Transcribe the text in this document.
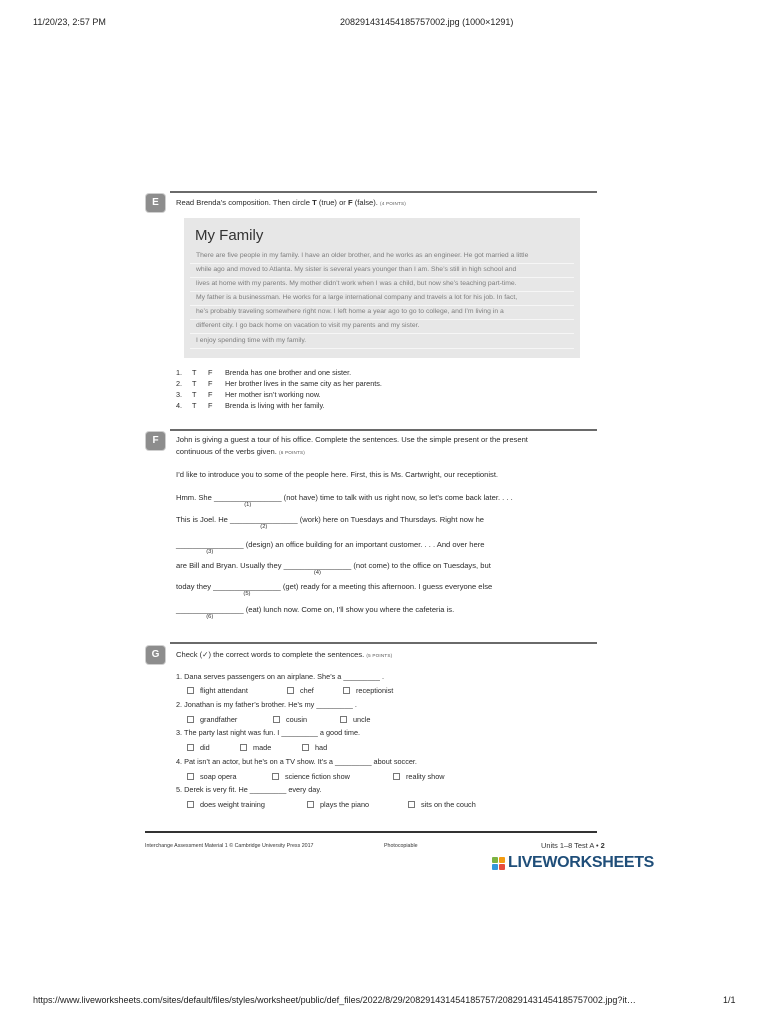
11/20/23, 2:57 PM	208291431454185757002.jpg (1000×1291)
E	Read Brenda’s composition. Then circle T (true) or F (false). (4 POINTS)
My Family
There are five people in my family. I have an older brother, and he works as an engineer. He got married a little
while ago and moved to Atlanta. My sister is several years younger than I am. She’s still in high school and
lives at home with my parents. My mother didn’t work when I was a child, but now she’s teaching part-time.
My father is a businessman. He works for a large international company and travels a lot for his job. In fact,
he’s probably traveling somewhere right now. I left home a year ago to go to college, and I’m living in a
different city. I go back home on vacation to visit my parents and my sister.
I enjoy spending time with my family.
1. T F Brenda has one brother and one sister.
2. T F Her brother lives in the same city as her parents.
3. T F Her mother isn’t working now.
4. T F Brenda is living with her family.
F	John is giving a guest a tour of his office. Complete the sentences. Use the simple present or the present
continuous of the verbs given. (6 POINTS)
I’d like to introduce you to some of the people here. First, this is Ms. Cartwright, our receptionist.
Hmm. She ________________
(1)
(not have) time to talk with us right now, so let’s come back later. . . .
This is Joel. He ________________
(2)
(work) here on Tuesdays and Thursdays. Right now he
________________
(3)
(design) an office building for an important customer. . . . And over here
are Bill and Bryan. Usually they ________________
(4)
(not come) to the office on Tuesdays, but
today they ________________
(5)
(get) ready for a meeting this afternoon. I guess everyone else
________________
(6)
(eat) lunch now. Come on, I’ll show you where the cafeteria is.
G	Check (✓) the correct words to complete the sentences. (5 POINTS)
1. Dana serves passengers on an airplane. She’s a _________ .
flight attendant	chef	receptionist
2. Jonathan is my father’s brother. He’s my _________ .
grandfather	cousin	uncle
3. The party last night was fun. I _________ a good time.
did	made	had
4. Pat isn’t an actor, but he’s on a TV show. It’s a _________ about soccer.
soap opera	science fiction show	reality show
5. Derek is very fit. He _________ every day.
does weight training	plays the piano	sits on the couch
Interchange Assessment Material 1 © Cambridge University Press 2017	Photocopiable	Units 1–8 Test A • 2
LIVEWORKSHEETS
https://www.liveworksheets.com/sites/default/files/styles/worksheet/public/def_files/2022/8/29/208291431454185757/208291431454185757002.jpg?it…	1/1
